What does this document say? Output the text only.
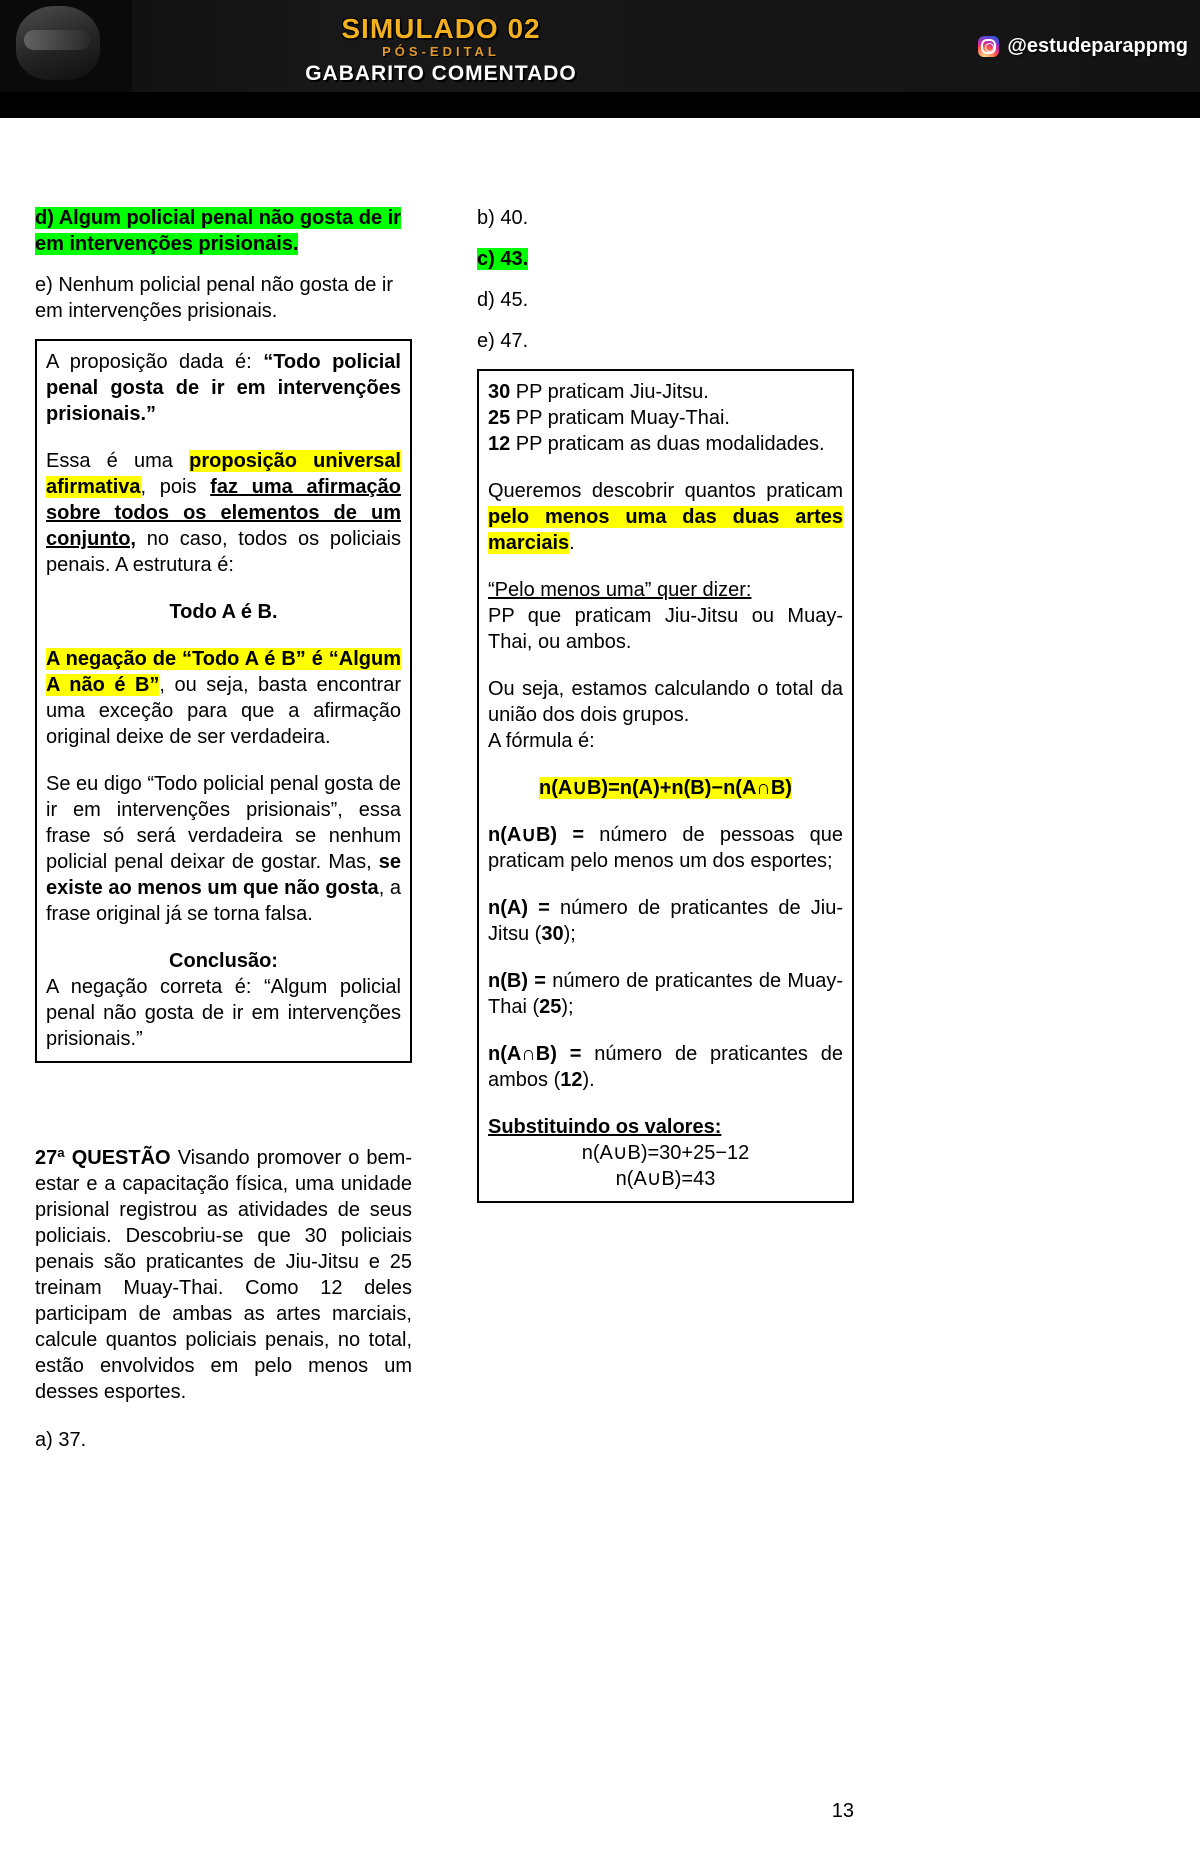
SIMULADO 02
PÓS-EDITAL
GABARITO COMENTADO
@estudeparappmg

d) Algum policial penal não gosta de ir em intervenções prisionais.

e) Nenhum policial penal não gosta de ir em intervenções prisionais.

A proposição dada é: “Todo policial penal gosta de ir em intervenções prisionais.”

Essa é uma proposição universal afirmativa, pois faz uma afirmação sobre todos os elementos de um conjunto, no caso, todos os policiais penais. A estrutura é:

Todo A é B.

A negação de “Todo A é B” é “Algum A não é B”, ou seja, basta encontrar uma exceção para que a afirmação original deixe de ser verdadeira.

Se eu digo “Todo policial penal gosta de ir em intervenções prisionais”, essa frase só será verdadeira se nenhum policial penal deixar de gostar. Mas, se existe ao menos um que não gosta, a frase original já se torna falsa.

Conclusão:

A negação correta é: “Algum policial penal não gosta de ir em intervenções prisionais.”

27ª QUESTÃO Visando promover o bem-estar e a capacitação física, uma unidade prisional registrou as atividades de seus policiais. Descobriu-se que 30 policiais penais são praticantes de Jiu-Jitsu e 25 treinam Muay-Thai. Como 12 deles participam de ambas as artes marciais, calcule quantos policiais penais, no total, estão envolvidos em pelo menos um desses esportes.

a) 37.

b) 40.

c) 43.

d) 45.

e) 47.

30 PP praticam Jiu-Jitsu.

25 PP praticam Muay-Thai.

12 PP praticam as duas modalidades.

Queremos descobrir quantos praticam pelo menos uma das duas artes marciais.

“Pelo menos uma” quer dizer:

PP que praticam Jiu-Jitsu ou Muay-Thai, ou ambos.

Ou seja, estamos calculando o total da união dos dois grupos.

A fórmula é:

n(A∪B)=n(A)+n(B)−n(A∩B)

n(A∪B) = número de pessoas que praticam pelo menos um dos esportes;

n(A) = número de praticantes de Jiu-Jitsu (30);

n(B) = número de praticantes de Muay-Thai (25);

n(A∩B) = número de praticantes de ambos (12).

Substituindo os valores:

n(A∪B)=30+25−12

n(A∪B)=43

13
